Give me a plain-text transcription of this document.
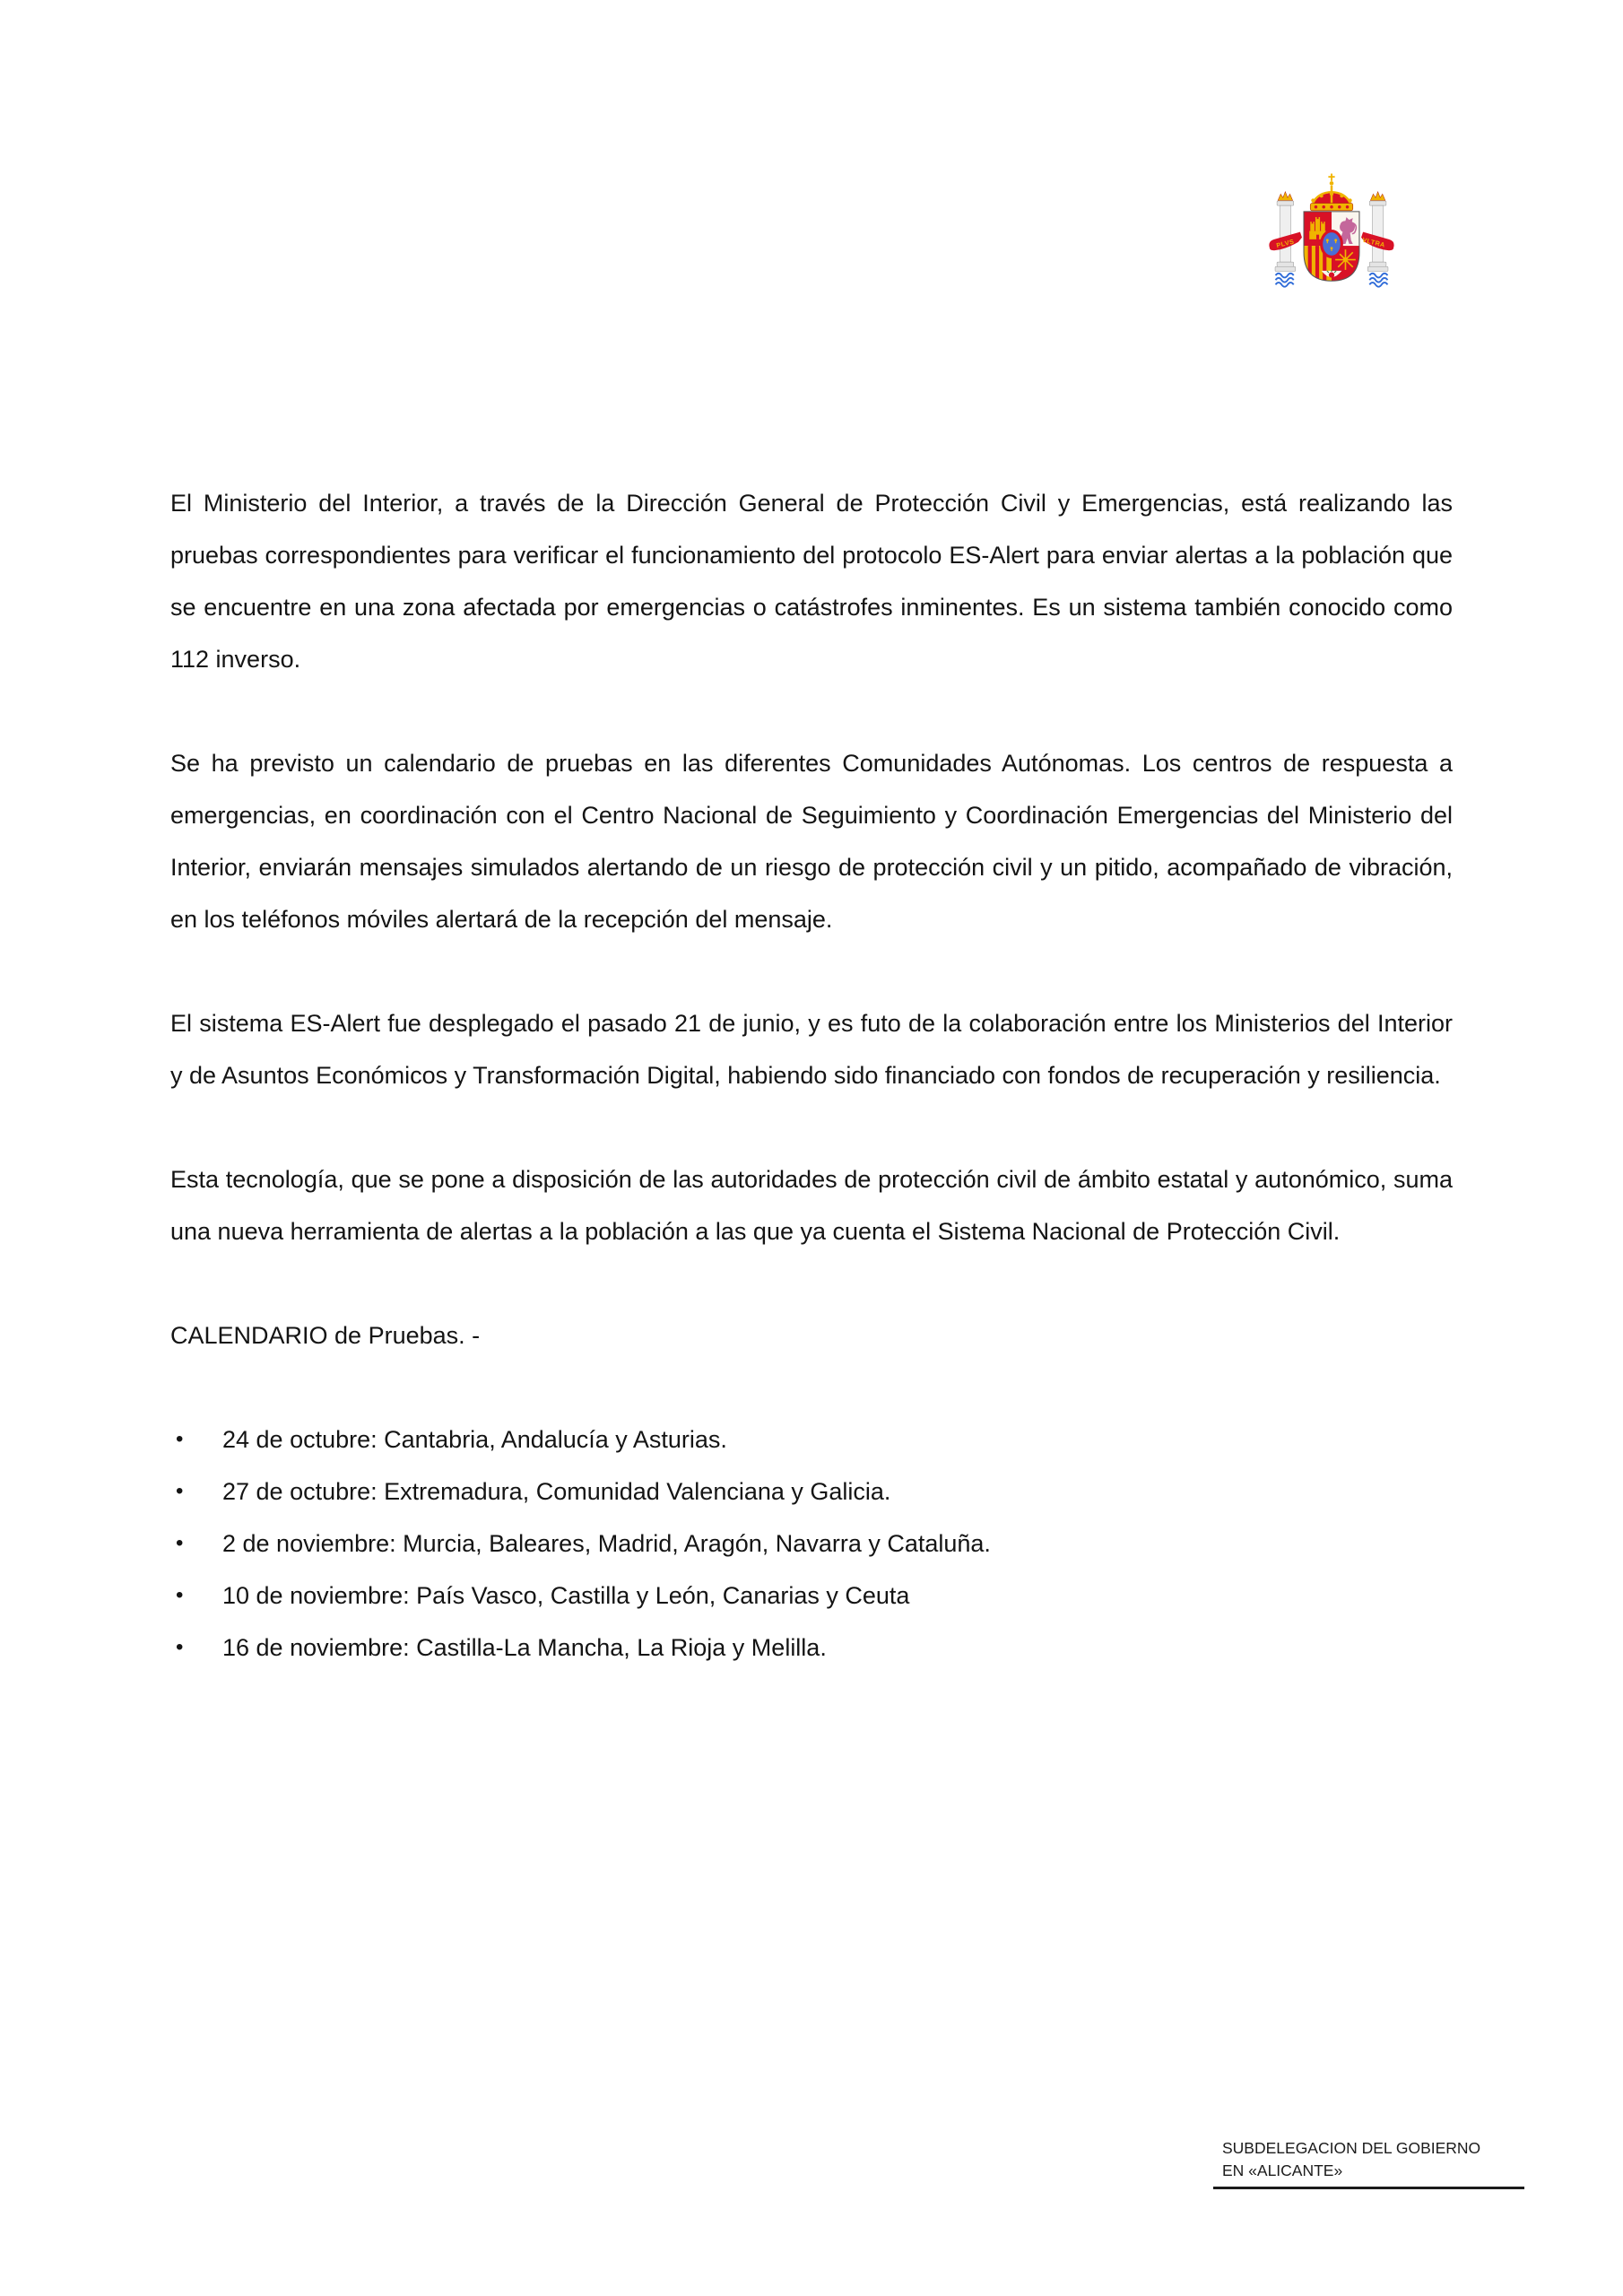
PLVS	VLTRA

El Ministerio del Interior, a través de la Dirección General de Protección Civil y Emergencias, está realizando las pruebas correspondientes para verificar el funcionamiento del protocolo ES-Alert para enviar alertas a la población que se encuentre en una zona afectada por emergencias o catástrofes inminentes. Es un sistema también conocido como 112 inverso.

Se ha previsto un calendario de pruebas en las diferentes Comunidades Autónomas. Los centros de respuesta a emergencias, en coordinación con el Centro Nacional de Seguimiento y Coordinación Emergencias del Ministerio del Interior, enviarán mensajes simulados alertando de un riesgo de protección civil y un pitido, acompañado de vibración, en los teléfonos móviles alertará de la recepción del mensaje.

El sistema ES-Alert fue desplegado el pasado 21 de junio, y es futo de la colaboración entre los Ministerios del Interior y de Asuntos Económicos y Transformación Digital, habiendo sido financiado con fondos de recuperación y resiliencia.

Esta tecnología, que se pone a disposición de las autoridades de protección civil de ámbito estatal y autonómico, suma una nueva herramienta de alertas a la población a las que ya cuenta el Sistema Nacional de Protección Civil.

CALENDARIO de Pruebas. -
• 24 de octubre: Cantabria, Andalucía y Asturias.
• 27 de octubre: Extremadura, Comunidad Valenciana y Galicia.
• 2 de noviembre: Murcia, Baleares, Madrid, Aragón, Navarra y Cataluña.
• 10 de noviembre: País Vasco, Castilla y León, Canarias y Ceuta
• 16 de noviembre: Castilla-La Mancha, La Rioja y Melilla.
SUBDELEGACION DEL GOBIERNO
EN «ALICANTE»
